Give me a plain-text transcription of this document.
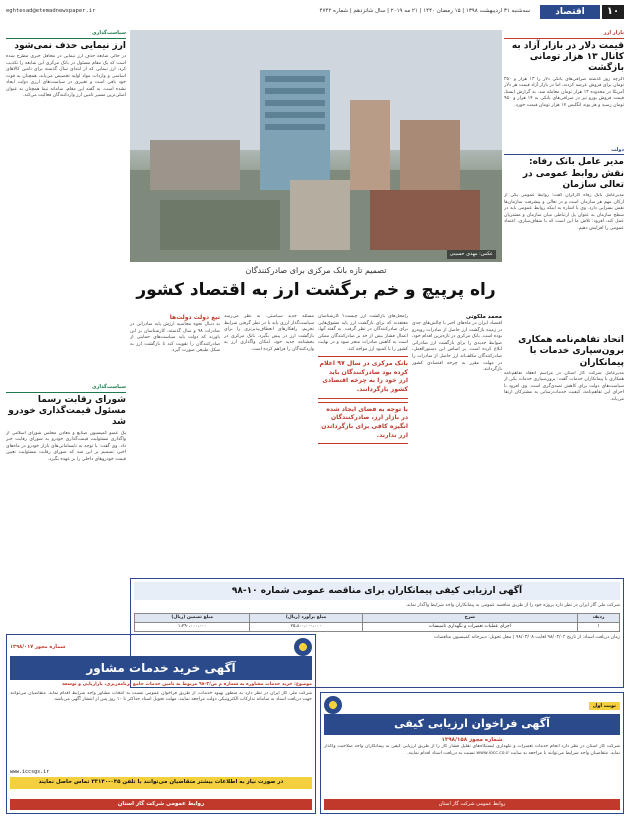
۱۰
اقتصاد
سه‌شنبه ۳۱ اردیبهشت ۱۳۹۸ | ۱۵ رمضان ۱۴۴۰ | ۲۱ مه ۲۰۱۹ | سال شانزدهم | شماره ۴۷۴۲
eghtesad@etemadnewspaper.ir
بازار ارز
قیمت دلار در بازار آزاد به کانال ۱۳ هزار تومانی بازگشت

اگرچه روز گذشته صرافی‌های بانکی دلار را ۱۳ هزار و ۳۵۰ تومان برای فروش عرضه کردند، اما در بازار آزاد قیمت هر دلار آمریکا در محدوده ۱۳ هزار تومان معامله شد. به گزارش ایسنا، قیمت فروش یورو نیز در صرافی‌های بانکی به ۱۴ هزار و ۹۵۰ تومان رسید و هر پوند انگلیس ۱۷ هزار تومان قیمت خورد.

دولت
مدیر عامل بانک رفاه: نقش روابط عمومی در تعالی سازمان

مدیرعامل بانک رفاه کارگران گفت: روابط عمومی یکی از ارکان مهم هر سازمان است و در تعالی و پیشرفت سازمان‌ها نقش بسزایی دارد. وی با اشاره به اینکه روابط عمومی باید در سطح سازمان به عنوان پل ارتباطی میان سازمان و مشتریان عمل کند، افزود: تلاش ما این است که با شفاف‌سازی، اعتماد عمومی را افزایش دهیم.

اتحاد تفاهم‌نامه همکاری برون‌سپاری خدمات با پیمانکاران

مدیرعامل شرکت گاز استان در مراسم انعقاد تفاهم‌نامه همکاری با پیمانکاران خدمات گفت: برون‌سپاری خدمات یکی از سیاست‌های دولت برای کاهش تصدی‌گری است. وی افزود با اجرای این تفاهم‌نامه، کیفیت خدمات‌رسانی به مشترکان ارتقا می‌یابد.

سیاست‌گذاری
ارز نیمایی حذف نمی‌شود

در حالی شایعه حذف ارز نیمایی در محافل خبری مطرح شده است که یک مقام مسئول در بانک مرکزی این شایعه را تکذیب کرد. ارز نیمایی که از ابتدای سال گذشته برای تامین کالاهای اساسی و واردات مواد اولیه تخصیص می‌یابد، همچنان به قوت خود باقی است و تغییری در سیاست‌های ارزی دولت ایجاد نشده است. به گفته این مقام، سامانه نیما همچنان به عنوان اصلی‌ترین مسیر تامین ارز واردکنندگان فعالیت می‌کند.

سیاست‌گذاری
شورای رقابت رسما مسئول قیمت‌گذاری خودرو شد

یک عضو کمیسیون صنایع و معادن مجلس شورای اسلامی از واگذاری مسئولیت قیمت‌گذاری خودرو به شورای رقابت خبر داد. وی گفت: با توجه به نابسامانی‌های بازار خودرو در ماه‌های اخیر، تصمیم بر این شد که شورای رقابت مسئولیت تعیین قیمت خودروهای داخلی را بر عهده بگیرد.

عکس: مهدی حسینی
تصمیم تازه بانک مرکزی برای صادرکنندگان
راه پرپیچ و خم برگشت ارز به اقتصاد کشور
محمد ملکوتی

اقتصاد ایران در ماه‌های اخیر با چالش‌های جدی در زمینه بازگشت ارز حاصل از صادرات روبه‌رو بوده است. بانک مرکزی در تازه‌ترین اقدام خود، ضوابط جدیدی را برای بازگشت ارز صادراتی ابلاغ کرده است. بر اساس این دستورالعمل، صادرکنندگان مکلف‌اند ارز حاصل از صادرات را در مهلت مقرر به چرخه اقتصادی کشور بازگردانند.

رامحل‌های بازگشت ارز چیست؟ کارشناسان معتقدند که برای بازگشت ارز باید مشوق‌هایی برای صادرکنندگان در نظر گرفت. به گفته آنها، اعمال فشار بیش از حد بر صادرکنندگان ممکن است به کاهش صادرات منجر شود و در نهایت کشور را با کمبود ارز مواجه کند.

بانک مرکزی در سال ۹۷ اعلام کرده بود صادرکنندگان باید ارز خود را به چرخه اقتصادی کشور بازگردانند.
با توجه به فضای ایجاد شده در بازار ارز، صادرکنندگان انگیزه کافی برای بازگرداندن ارز ندارند.

مسئله جدید سیاستی. به نظر می‌رسد سیاست‌گذار ارزی باید با در نظر گرفتن شرایط تحریم، راهکارهای انعطاف‌پذیرتری را برای بازگشت ارز در پیش بگیرد. بانک مرکزی در بخشنامه جدید خود، امکان واگذاری ارز به واردکنندگان را فراهم کرده است.

تیغ دولت دولت‌ها

به دنبال نحوه محاسبه ارزش پایه صادراتی در صادرات ۹۸ و سال گذشته، کارشناسان بر این باورند که دولت باید سیاست‌های حمایتی از صادرکنندگان را تقویت کند تا بازگشت ارز به شکل طبیعی صورت گیرد.

آگهی ارزیابی کیفی پیمانکاران برای مناقصه عمومی شماره ۱۰-۹۸

شرکت ملی گاز ایران در نظر دارد پروژه خود را از طریق مناقصه عمومی به پیمانکاران واجد شرایط واگذار نماید.

ردیف	شرح	مبلغ برآورد (ریال)	مبلغ تضمین (ریال)
۱	اجرای عملیات تعمیرات و نگهداری تاسیسات	۲۵،۸۰۰،۰۰۰،۰۰۰	۱،۲۹۰،۰۰۰،۰۰۰

زمان دریافت اسناد: از تاریخ ۹۸/۰۳/۰۲ لغایت ۹۸/۰۳/۰۸ | محل تحویل: دبیرخانه کمیسیون مناقصات

شماره مجوز ۱۳۹۸/۰۱۷
آگهی خرید خدمات مشاور

موضوع: خرید خدمات مشاوره به شماره م ص/۳-۹۸ مربوط به تامین خدمات جامع برنامه‌ریزی، بازاریابی و توسعه

شرکت ملی گاز ایران در نظر دارد به منظور بهبود خدمات، از طریق فراخوان عمومی نسبت به انتخاب مشاور واجد شرایط اقدام نماید. متقاضیان می‌توانند جهت دریافت اسناد به سامانه تدارکات الکترونیکی دولت مراجعه نمایند. مهلت تحویل اسناد حداکثر تا ۱۰ روز پس از انتشار آگهی می‌باشد.

www.iccsgs.ir
در صورت نیاز به اطلاعات بیشتر متقاضیان می‌توانند با تلفن ۰۴۵-۳۳۱۴۰ تماس حاصل نمایند
روابط عمومی شرکت گاز استان
نوبت اول
آگهی فراخوان ارزیابی کیفی
شماره مجوز ۱۳۹۸/۱۵۸

شرکت گاز استان در نظر دارد انجام خدمات تعمیرات و نگهداری ایستگاه‌های تقلیل فشار گاز را از طریق ارزیابی کیفی به پیمانکاران واجد صلاحیت واگذار نماید. متقاضیان واجد شرایط می‌توانند با مراجعه به سایت www.iocc.co.ir نسبت به دریافت اسناد اقدام نمایند.

روابط عمومی شرکت گاز استان
